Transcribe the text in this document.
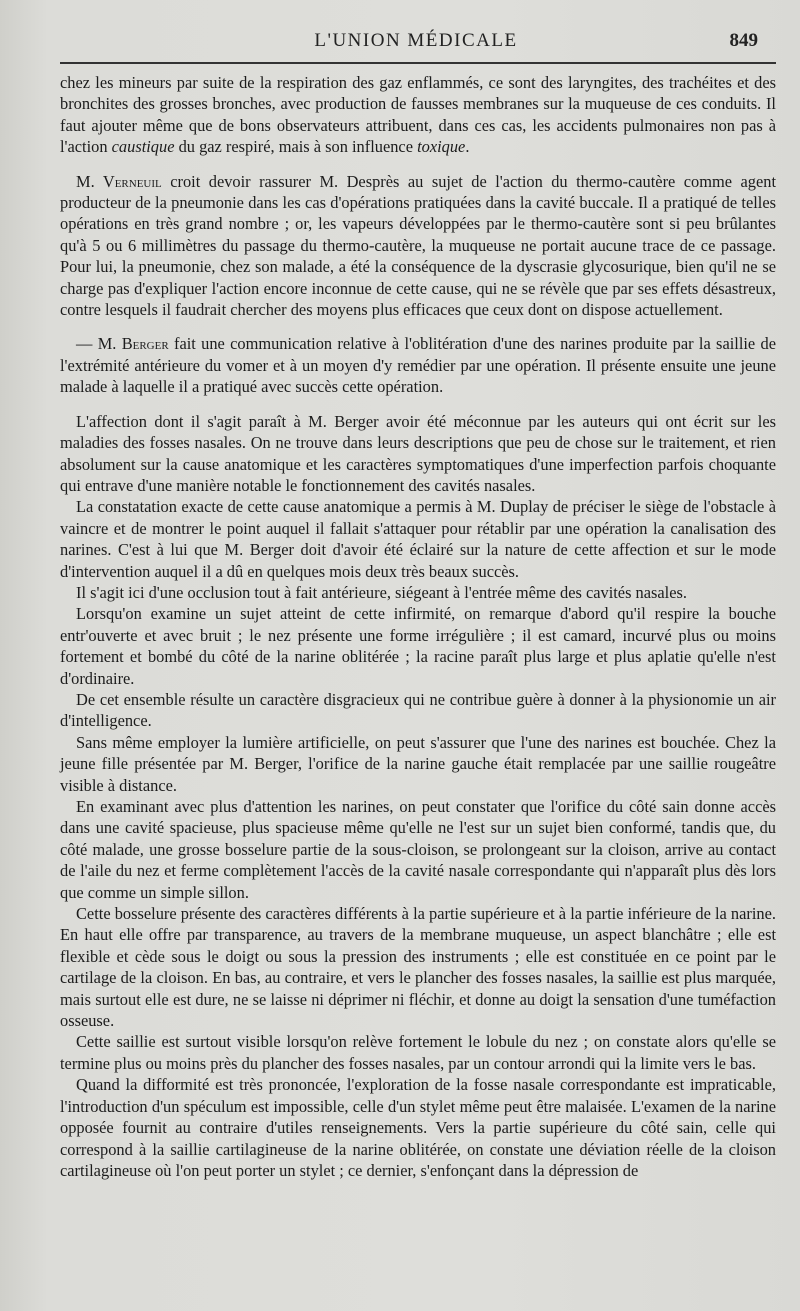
L'UNION MÉDICALE	849

chez les mineurs par suite de la respiration des gaz enflammés, ce sont des laryngites, des trachéites et des bronchites des grosses bronches, avec production de fausses membranes sur la muqueuse de ces conduits. Il faut ajouter même que de bons observateurs attribuent, dans ces cas, les accidents pulmonaires non pas à l'action caustique du gaz respiré, mais à son influence toxique.

M. Verneuil croit devoir rassurer M. Desprès au sujet de l'action du thermo-cautère comme agent producteur de la pneumonie dans les cas d'opérations pratiquées dans la cavité buccale. Il a pratiqué de telles opérations en très grand nombre ; or, les vapeurs développées par le thermo-cautère sont si peu brûlantes qu'à 5 ou 6 millimètres du passage du thermo-cautère, la muqueuse ne portait aucune trace de ce passage. Pour lui, la pneumonie, chez son malade, a été la conséquence de la dyscrasie glycosurique, bien qu'il ne se charge pas d'expliquer l'action encore inconnue de cette cause, qui ne se révèle que par ses effets désastreux, contre lesquels il faudrait chercher des moyens plus efficaces que ceux dont on dispose actuellement.

— M. Berger fait une communication relative à l'oblitération d'une des narines produite par la saillie de l'extrémité antérieure du vomer et à un moyen d'y remédier par une opération. Il présente ensuite une jeune malade à laquelle il a pratiqué avec succès cette opération.

L'affection dont il s'agit paraît à M. Berger avoir été méconnue par les auteurs qui ont écrit sur les maladies des fosses nasales. On ne trouve dans leurs descriptions que peu de chose sur le traitement, et rien absolument sur la cause anatomique et les caractères symptomatiques d'une imperfection parfois choquante qui entrave d'une manière notable le fonctionnement des cavités nasales.

La constatation exacte de cette cause anatomique a permis à M. Duplay de préciser le siège de l'obstacle à vaincre et de montrer le point auquel il fallait s'attaquer pour rétablir par une opération la canalisation des narines. C'est à lui que M. Berger doit d'avoir été éclairé sur la nature de cette affection et sur le mode d'intervention auquel il a dû en quelques mois deux très beaux succès.

Il s'agit ici d'une occlusion tout à fait antérieure, siégeant à l'entrée même des cavités nasales.

Lorsqu'on examine un sujet atteint de cette infirmité, on remarque d'abord qu'il respire la bouche entr'ouverte et avec bruit ; le nez présente une forme irrégulière ; il est camard, incurvé plus ou moins fortement et bombé du côté de la narine oblitérée ; la racine paraît plus large et plus aplatie qu'elle n'est d'ordinaire.

De cet ensemble résulte un caractère disgracieux qui ne contribue guère à donner à la physionomie un air d'intelligence.

Sans même employer la lumière artificielle, on peut s'assurer que l'une des narines est bouchée. Chez la jeune fille présentée par M. Berger, l'orifice de la narine gauche était remplacée par une saillie rougeâtre visible à distance.

En examinant avec plus d'attention les narines, on peut constater que l'orifice du côté sain donne accès dans une cavité spacieuse, plus spacieuse même qu'elle ne l'est sur un sujet bien conformé, tandis que, du côté malade, une grosse bosselure partie de la sous-cloison, se prolongeant sur la cloison, arrive au contact de l'aile du nez et ferme complètement l'accès de la cavité nasale correspondante qui n'apparaît plus dès lors que comme un simple sillon.

Cette bosselure présente des caractères différents à la partie supérieure et à la partie inférieure de la narine. En haut elle offre par transparence, au travers de la membrane muqueuse, un aspect blanchâtre ; elle est flexible et cède sous le doigt ou sous la pression des instruments ; elle est constituée en ce point par le cartilage de la cloison. En bas, au contraire, et vers le plancher des fosses nasales, la saillie est plus marquée, mais surtout elle est dure, ne se laisse ni déprimer ni fléchir, et donne au doigt la sensation d'une tuméfaction osseuse.

Cette saillie est surtout visible lorsqu'on relève fortement le lobule du nez ; on constate alors qu'elle se termine plus ou moins près du plancher des fosses nasales, par un contour arrondi qui la limite vers le bas.

Quand la difformité est très prononcée, l'exploration de la fosse nasale correspondante est impraticable, l'introduction d'un spéculum est impossible, celle d'un stylet même peut être malaisée. L'examen de la narine opposée fournit au contraire d'utiles renseignements. Vers la partie supérieure du côté sain, celle qui correspond à la saillie cartilagineuse de la narine oblitérée, on constate une déviation réelle de la cloison cartilagineuse où l'on peut porter un stylet ; ce dernier, s'enfonçant dans la dépression de
